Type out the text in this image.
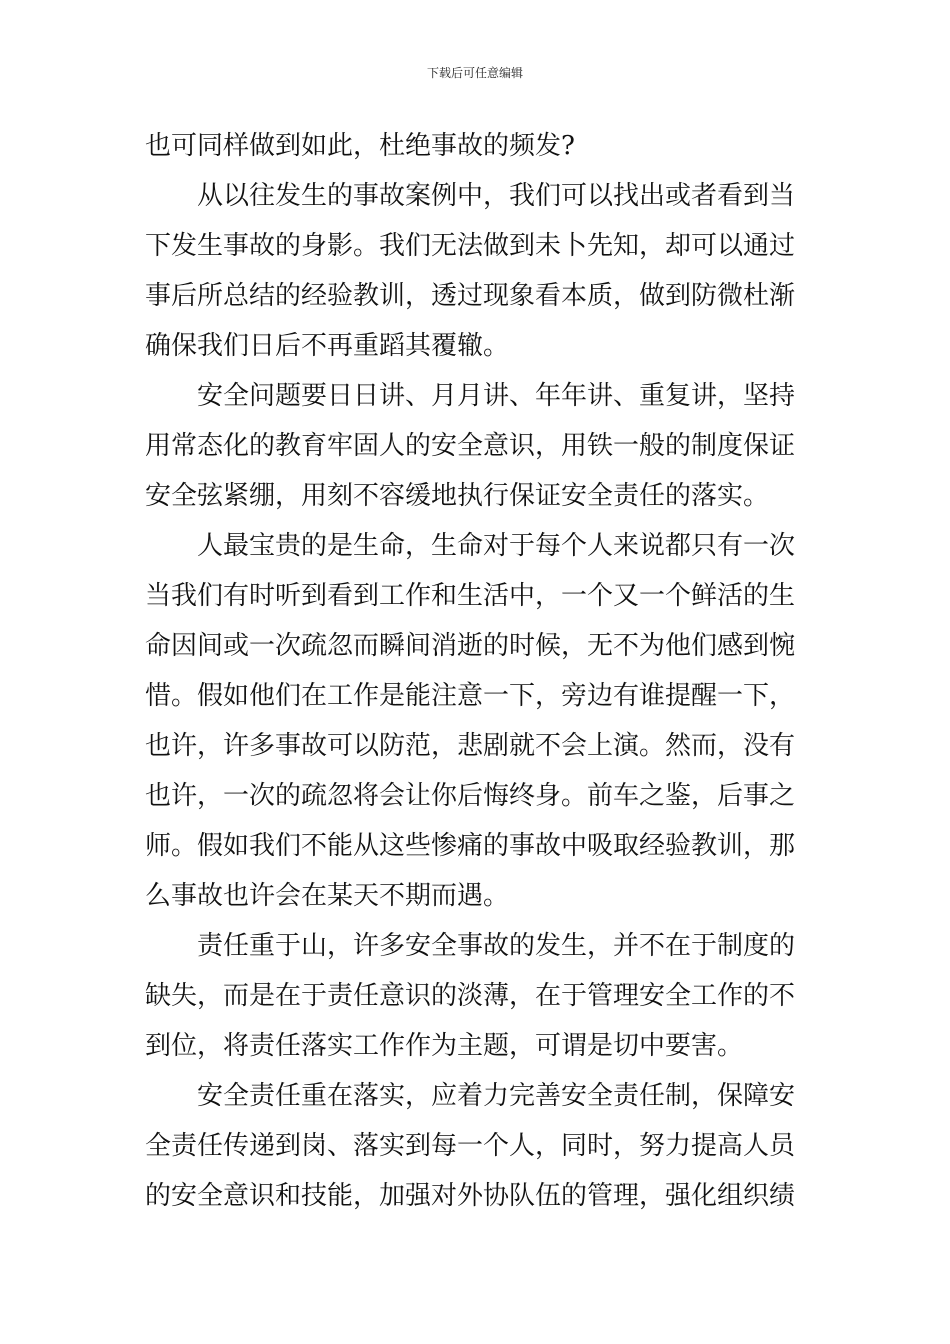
下载后可任意编辑
也可同样做到如此，杜绝事故的频发?
从以往发生的事故案例中，我们可以找出或者看到当
下发生事故的身影。我们无法做到未卜先知，却可以通过
事后所总结的经验教训，透过现象看本质，做到防微杜渐
确保我们日后不再重蹈其覆辙。
安全问题要日日讲、月月讲、年年讲、重复讲，坚持
用常态化的教育牢固人的安全意识，用铁一般的制度保证
安全弦紧绷，用刻不容缓地执行保证安全责任的落实。
人最宝贵的是生命，生命对于每个人来说都只有一次
当我们有时听到看到工作和生活中，一个又一个鲜活的生
命因间或一次疏忽而瞬间消逝的时候，无不为他们感到惋
惜。假如他们在工作是能注意一下，旁边有谁提醒一下，
也许，许多事故可以防范，悲剧就不会上演。然而，没有
也许，一次的疏忽将会让你后悔终身。前车之鉴，后事之
师。假如我们不能从这些惨痛的事故中吸取经验教训，那
么事故也许会在某天不期而遇。
责任重于山，许多安全事故的发生，并不在于制度的
缺失，而是在于责任意识的淡薄，在于管理安全工作的不
到位，将责任落实工作作为主题，可谓是切中要害。
安全责任重在落实，应着力完善安全责任制，保障安
全责任传递到岗、落实到每一个人，同时，努力提高人员
的安全意识和技能，加强对外协队伍的管理，强化组织绩
